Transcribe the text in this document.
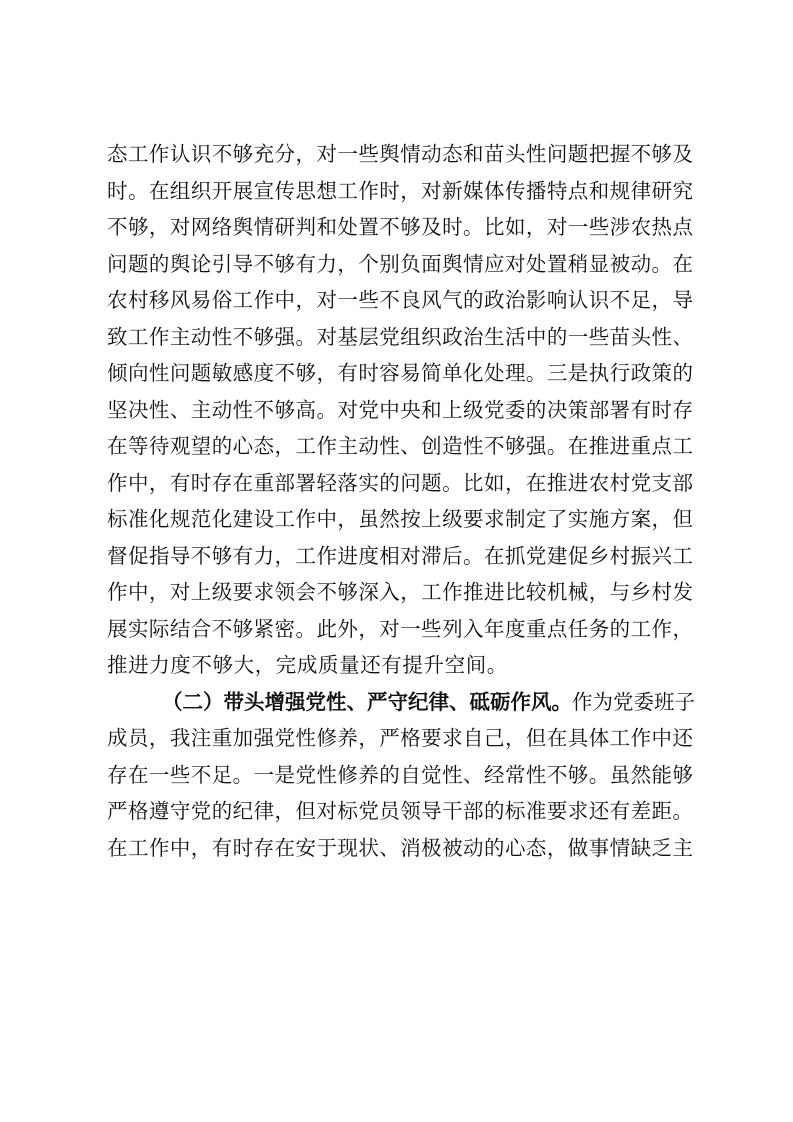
态工作认识不够充分，对一些舆情动态和苗头性问题把握不够及
时。在组织开展宣传思想工作时，对新媒体传播特点和规律研究
不够，对网络舆情研判和处置不够及时。比如，对一些涉农热点
问题的舆论引导不够有力，个别负面舆情应对处置稍显被动。在
农村移风易俗工作中，对一些不良风气的政治影响认识不足，导
致工作主动性不够强。对基层党组织政治生活中的一些苗头性、
倾向性问题敏感度不够，有时容易简单化处理。三是执行政策的
坚决性、主动性不够高。对党中央和上级党委的决策部署有时存
在等待观望的心态，工作主动性、创造性不够强。在推进重点工
作中，有时存在重部署轻落实的问题。比如，在推进农村党支部
标准化规范化建设工作中，虽然按上级要求制定了实施方案，但
督促指导不够有力，工作进度相对滞后。在抓党建促乡村振兴工
作中，对上级要求领会不够深入，工作推进比较机械，与乡村发
展实际结合不够紧密。此外，对一些列入年度重点任务的工作，
推进力度不够大，完成质量还有提升空间。
（二）带头增强党性、严守纪律、砥砺作风。作为党委班子
成员，我注重加强党性修养，严格要求自己，但在具体工作中还
存在一些不足。一是党性修养的自觉性、经常性不够。虽然能够
严格遵守党的纪律，但对标党员领导干部的标准要求还有差距。
在工作中，有时存在安于现状、消极被动的心态，做事情缺乏主
